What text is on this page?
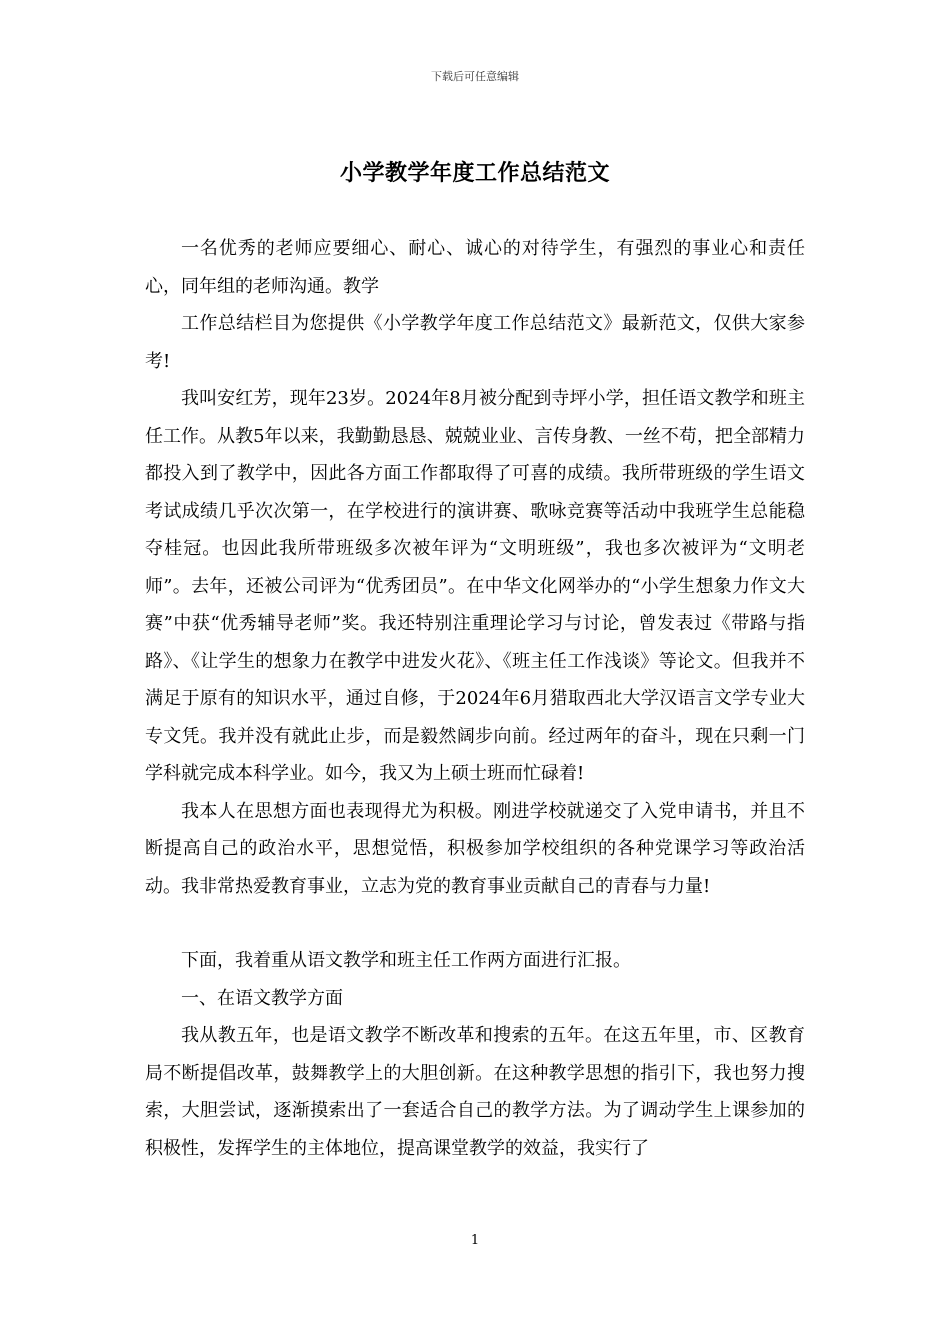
下载后可任意编辑
小学教学年度工作总结范文

一名优秀的老师应要细心、耐心、诚心的对待学生，有强烈的事业心和责任心，同年组的老师沟通。教学

工作总结栏目为您提供《小学教学年度工作总结范文》最新范文，仅供大家参考!

我叫安红芳，现年23岁。2024年8月被分配到寺坪小学，担任语文教学和班主任工作。从教5年以来，我勤勤恳恳、兢兢业业、言传身教、一丝不苟，把全部精力都投入到了教学中，因此各方面工作都取得了可喜的成绩。我所带班级的学生语文考试成绩几乎次次第一，在学校进行的演讲赛、歌咏竞赛等活动中我班学生总能稳夺桂冠。也因此我所带班级多次被年评为“文明班级”，我也多次被评为“文明老师”。去年，还被公司评为“优秀团员”。在中华文化网举办的“小学生想象力作文大赛”中获“优秀辅导老师”奖。我还特别注重理论学习与讨论，曾发表过《带路与指路》、《让学生的想象力在教学中进发火花》、《班主任工作浅谈》等论文。但我并不满足于原有的知识水平，通过自修，于2024年6月猎取西北大学汉语言文学专业大专文凭。我并没有就此止步，而是毅然阔步向前。经过两年的奋斗，现在只剩一门学科就完成本科学业。如今，我又为上硕士班而忙碌着!

我本人在思想方面也表现得尤为积极。刚进学校就递交了入党申请书，并且不断提高自己的政治水平，思想觉悟，积极参加学校组织的各种党课学习等政治活动。我非常热爱教育事业，立志为党的教育事业贡献自己的青春与力量!

下面，我着重从语文教学和班主任工作两方面进行汇报。

一、在语文教学方面

我从教五年，也是语文教学不断改革和搜索的五年。在这五年里，市、区教育局不断提倡改革，鼓舞教学上的大胆创新。在这种教学思想的指引下，我也努力搜索，大胆尝试，逐渐摸索出了一套适合自己的教学方法。为了调动学生上课参加的积极性，发挥学生的主体地位，提高课堂教学的效益，我实行了

1
